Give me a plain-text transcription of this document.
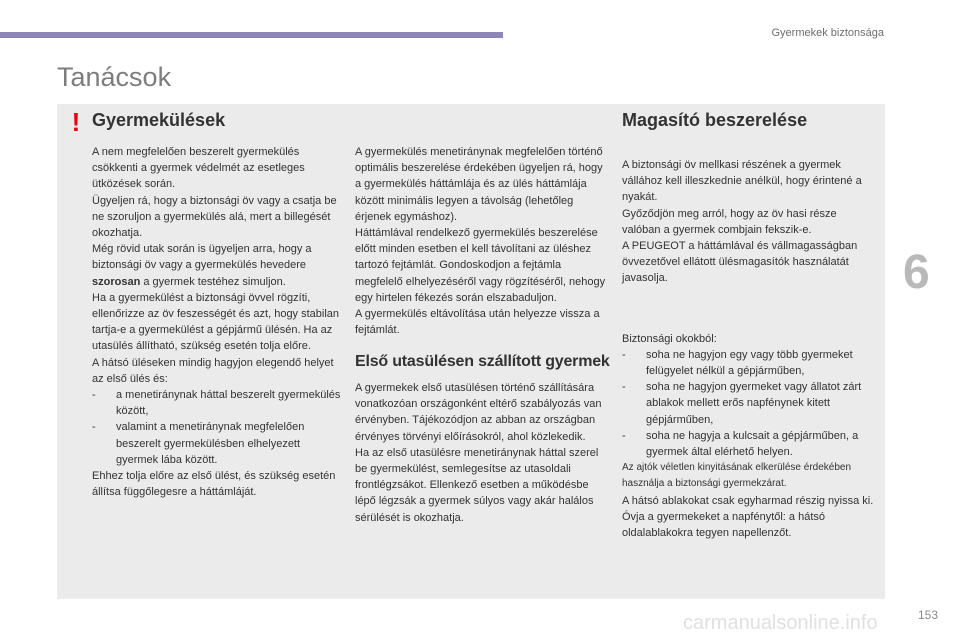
Gyermekek biztonsága
Tanácsok
! Gyermekülések	Magasító beszerelése

A nem megfelelően beszerelt gyermekülés csökkenti a gyermek védelmét az esetleges ütközések során.

Ügyeljen rá, hogy a biztonsági öv vagy a csatja be ne szoruljon a gyermekülés alá, mert a billegését okozhatja.

Még rövid utak során is ügyeljen arra, hogy a biztonsági öv vagy a gyermekülés hevedere szorosan a gyermek testéhez simuljon.

Ha a gyermekülést a biztonsági övvel rögzíti, ellenőrizze az öv feszességét és azt, hogy stabilan tartja-e a gyermekülést a gépjármű ülésén. Ha az utasülés állítható, szükség esetén tolja előre.

A hátsó üléseken mindig hagyjon elegendő helyet az első ülés és:

-	a menetiránynak háttal beszerelt gyermekülés között,
-	valamint a menetiránynak megfelelően beszerelt gyermekülésben elhelyezett gyermek lába között.

Ehhez tolja előre az első ülést, és szükség esetén állítsa függőlegesre a háttámláját.

A gyermekülés menetiránynak megfelelően történő optimális beszerelése érdekében ügyeljen rá, hogy a gyermekülés háttámlája és az ülés háttámlája között minimális legyen a távolság (lehetőleg érjenek egymáshoz).

Háttámlával rendelkező gyermekülés beszerelése előtt minden esetben el kell távolítani az üléshez tartozó fejtámlát. Gondoskodjon a fejtámla megfelelő elhelyezéséről vagy rögzítéséről, nehogy egy hirtelen fékezés során elszabaduljon.

A gyermekülés eltávolítása után helyezze vissza a fejtámlát.

Első utasülésen szállított gyermek

A gyermekek első utasülésen történő szállítására vonatkozóan országonként eltérő szabályozás van érvényben. Tájékozódjon az abban az országban érvényes törvényi előírásokról, ahol közlekedik.

Ha az első utasülésre menetiránynak háttal szerel be gyermekülést, semlegesítse az utasoldali frontlégzsákot. Ellenkező esetben a működésbe lépő légzsák a gyermek súlyos vagy akár halálos sérülését is okozhatja.

A biztonsági öv mellkasi részének a gyermek vállához kell illeszkednie anélkül, hogy érintené a nyakát.

Győződjön meg arról, hogy az öv hasi része valóban a gyermek combjain fekszik-e.

A PEUGEOT a háttámlával és vállmagasságban övvezetővel ellátott ülésmagasítók használatát javasolja.

Biztonsági okokból:

-	soha ne hagyjon egy vagy több gyermeket felügyelet nélkül a gépjárműben,
-	soha ne hagyjon gyermeket vagy állatot zárt ablakok mellett erős napfénynek kitett gépjárműben,
-	soha ne hagyja a kulcsait a gépjárműben, a gyermek által elérhető helyen.

Az ajtók véletlen kinyitásának elkerülése érdekében használja a biztonsági gyermekzárat.

A hátsó ablakokat csak egyharmad részig nyissa ki.

Óvja a gyermekeket a napfénytől: a hátsó oldalablakokra tegyen napellenzőt.

6
carmanualsonline.info	153
